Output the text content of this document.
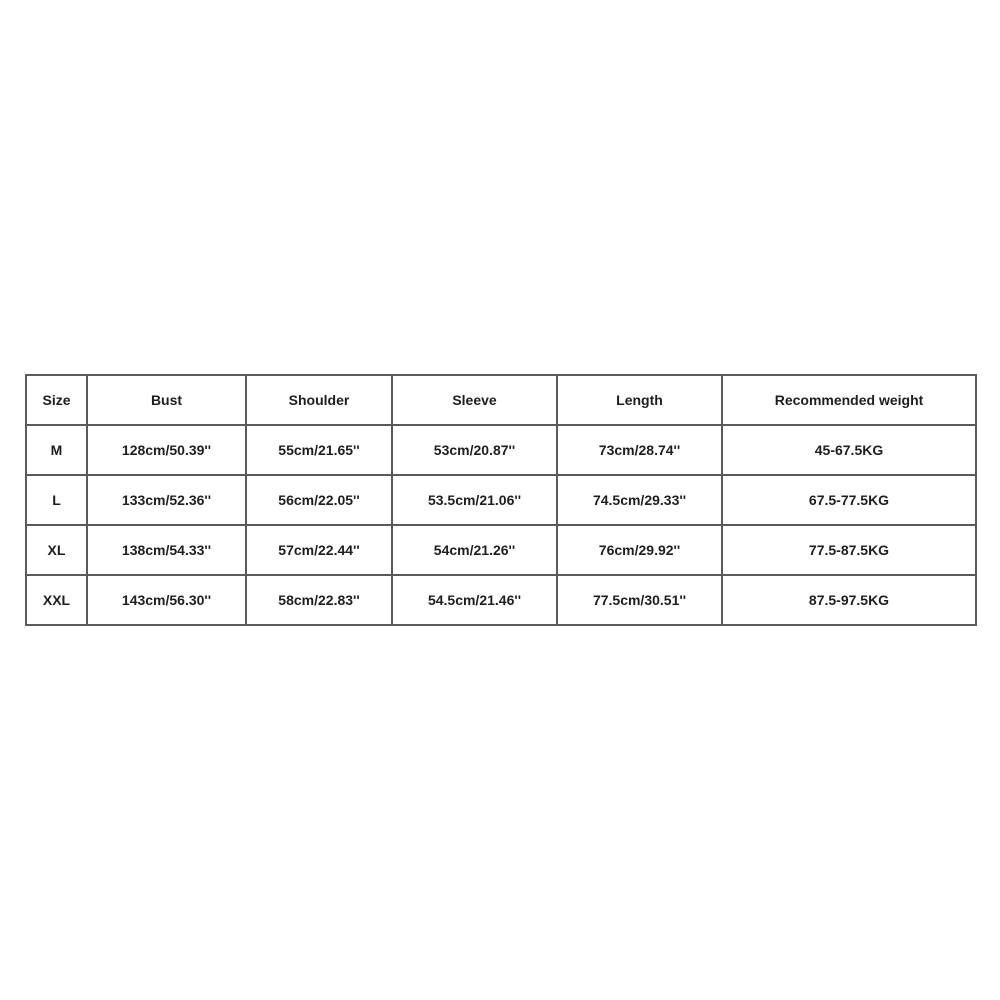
Size	Bust	Shoulder	Sleeve	Length	Recommended weight
M	128cm/50.39''	55cm/21.65''	53cm/20.87''	73cm/28.74''	45-67.5KG
L	133cm/52.36''	56cm/22.05''	53.5cm/21.06''	74.5cm/29.33''	67.5-77.5KG
XL	138cm/54.33''	57cm/22.44''	54cm/21.26''	76cm/29.92''	77.5-87.5KG
XXL	143cm/56.30''	58cm/22.83''	54.5cm/21.46''	77.5cm/30.51''	87.5-97.5KG
